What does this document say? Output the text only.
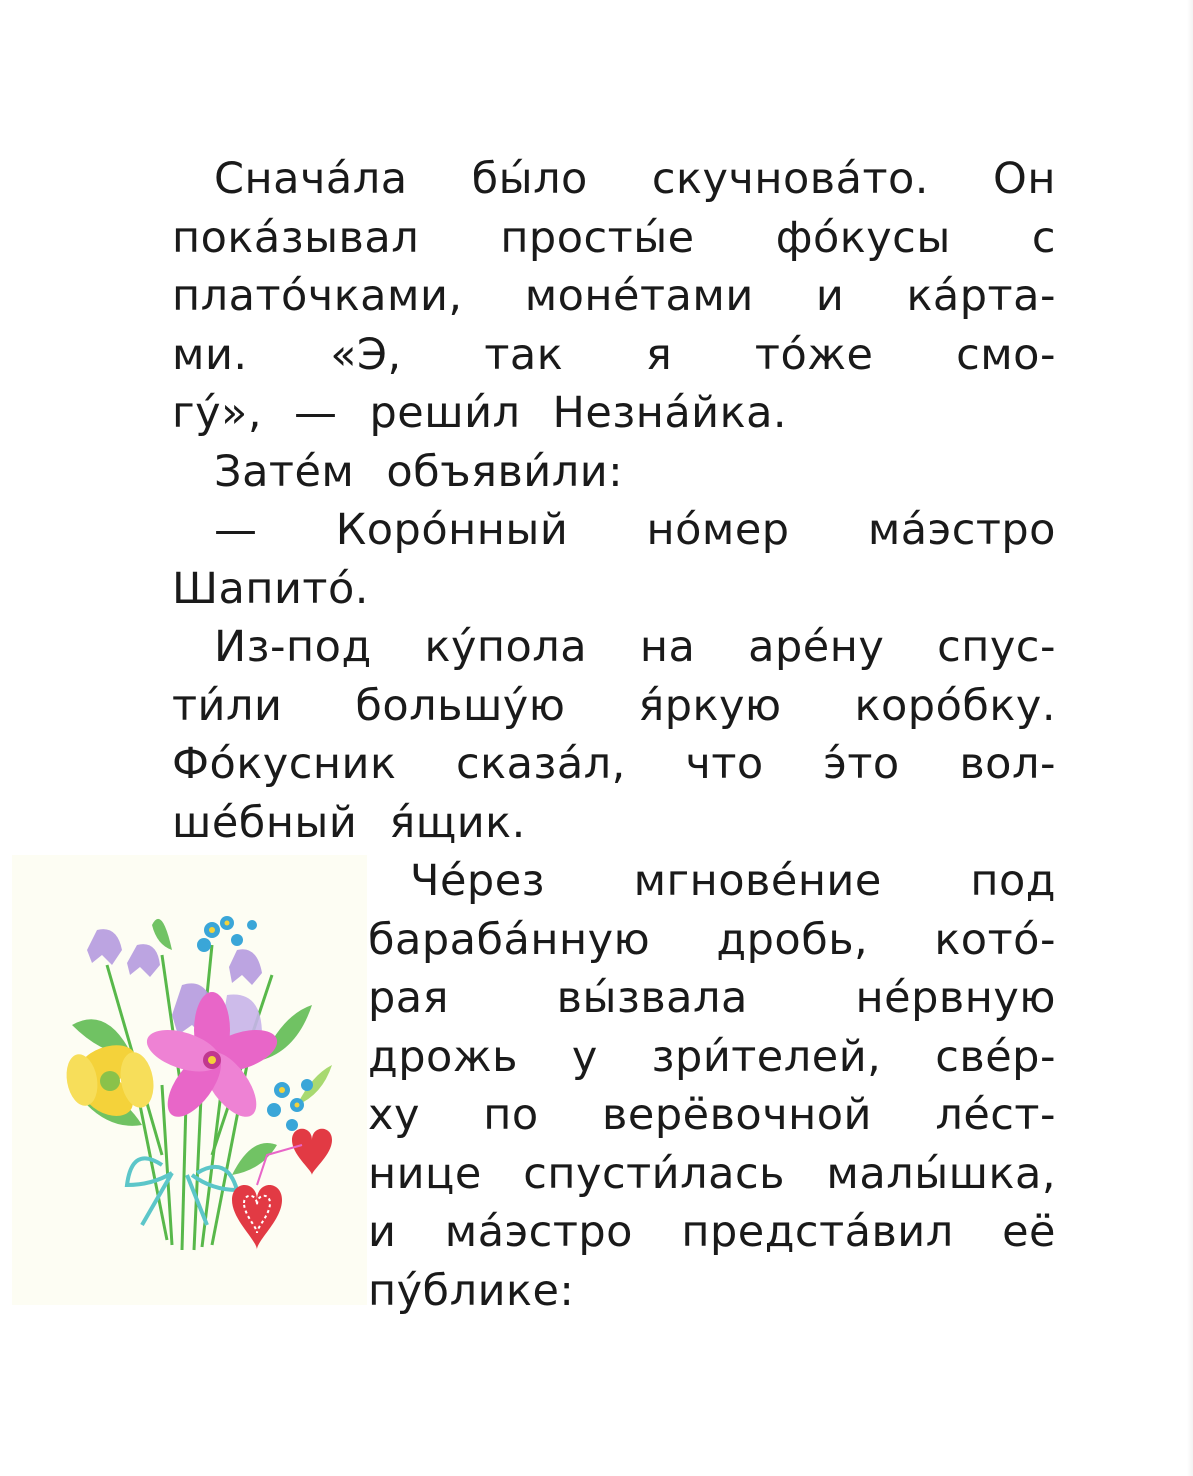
Снача́ла бы́ло скучнова́то. Он
пока́зывал просты́е фо́кусы с
плато́чками, моне́тами и ка́рта-
ми. «Э, так я то́же смо-
гу́», — реши́л Незна́йка.
Зате́м объяви́ли:
— Коро́нный но́мер ма́эстро
Шапито́.
Из-под ку́пола на аре́ну спус-
ти́ли большу́ю я́ркую коро́бку.
Фо́кусник сказа́л, что э́то вол-
ше́бный я́щик.
Че́рез мгнове́ние под
бараба́нную дробь, кото́-
рая	вы́звала	не́рвную
дрожь у зри́телей, све́р-
ху по верёвочной ле́ст-
нице спусти́лась малы́шка,
и ма́эстро предста́вил её
пу́блике:
